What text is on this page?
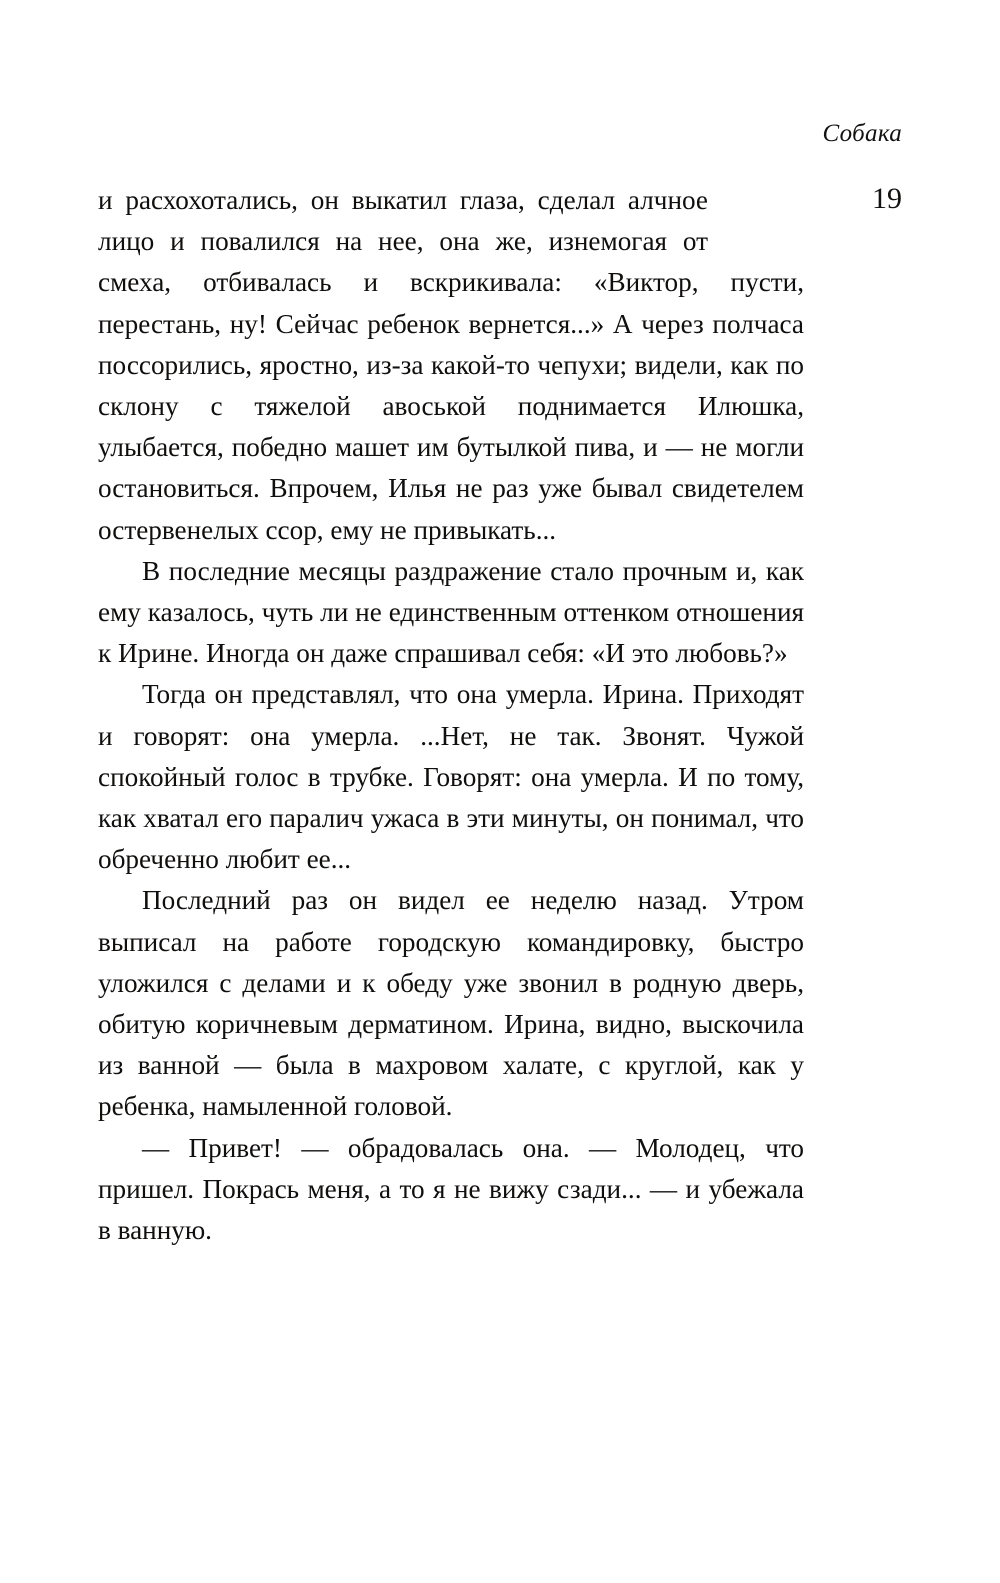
Собака
19

и расхохотались, он выкатил глаза, сделал алчное лицо и повалился на нее, она же, изнемогая от смеха, отбивалась и вскрикивала: «Виктор, пусти, перестань, ну! Сейчас ребенок вернется...» А через полчаса поссорились, яростно, из-за какой-то чепухи; видели, как по склону с тяжелой авоськой поднимается Илюшка, улыбается, победно машет им бутылкой пива, и — не могли остановиться. Впрочем, Илья не раз уже бывал свидетелем остервенелых ссор, ему не привыкать...

В последние месяцы раздражение стало прочным и, как ему казалось, чуть ли не единственным оттенком отношения к Ирине. Иногда он даже спрашивал себя: «И это любовь?»

Тогда он представлял, что она умерла. Ирина. Приходят и говорят: она умерла. ...Нет, не так. Звонят. Чужой спокойный голос в трубке. Говорят: она умерла. И по тому, как хватал его паралич ужаса в эти минуты, он понимал, что обреченно любит ее...

Последний раз он видел ее неделю назад. Утром выписал на работе городскую командировку, быстро уложился с делами и к обеду уже звонил в родную дверь, обитую коричневым дерматином. Ирина, видно, выскочила из ванной — была в махровом халате, с круглой, как у ребенка, намыленной головой.

— Привет! — обрадовалась она. — Молодец, что пришел. Покрась меня, а то я не вижу сзади... — и убежала в ванную.
